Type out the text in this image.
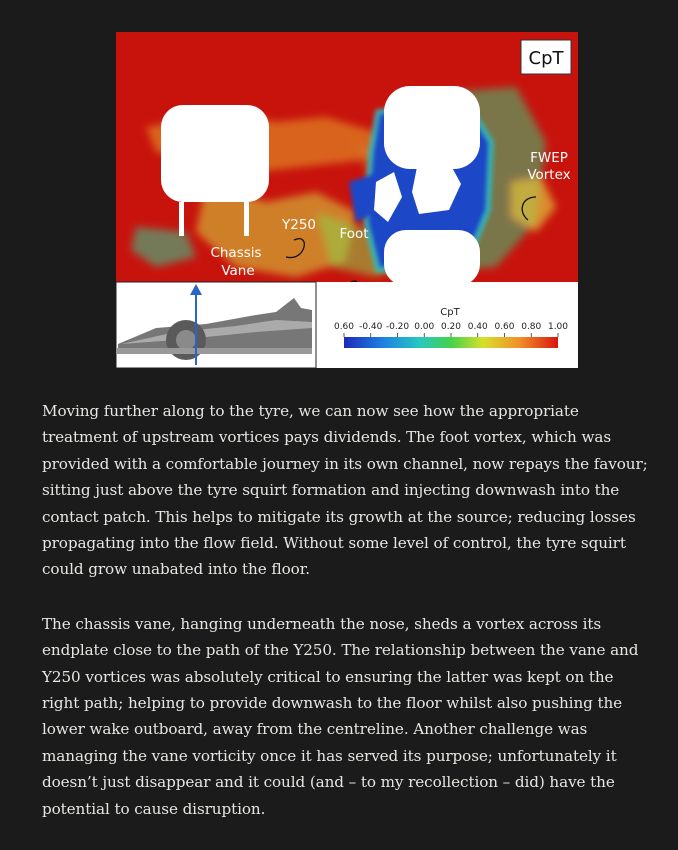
CpT
FWEP
Vortex
Y250
Chassis
Vane
Foot
CpT
0.60 -0.40 -0.20 0.00 0.20 0.40 0.60 0.80 1.00

Moving further along to the tyre, we can now see how the appropriate treatment of upstream vortices pays dividends. The foot vortex, which was provided with a comfortable journey in its own channel, now repays the favour; sitting just above the tyre squirt formation and injecting downwash into the contact patch. This helps to mitigate its growth at the source; reducing losses propagating into the flow field. Without some level of control, the tyre squirt could grow unabated into the floor.

The chassis vane, hanging underneath the nose, sheds a vortex across its endplate close to the path of the Y250. The relationship between the vane and Y250 vortices was absolutely critical to ensuring the latter was kept on the right path; helping to provide downwash to the floor whilst also pushing the lower wake outboard, away from the centreline. Another challenge was managing the vane vorticity once it has served its purpose; unfortunately it doesn’t just disappear and it could (and – to my recollection – did) have the potential to cause disruption.
